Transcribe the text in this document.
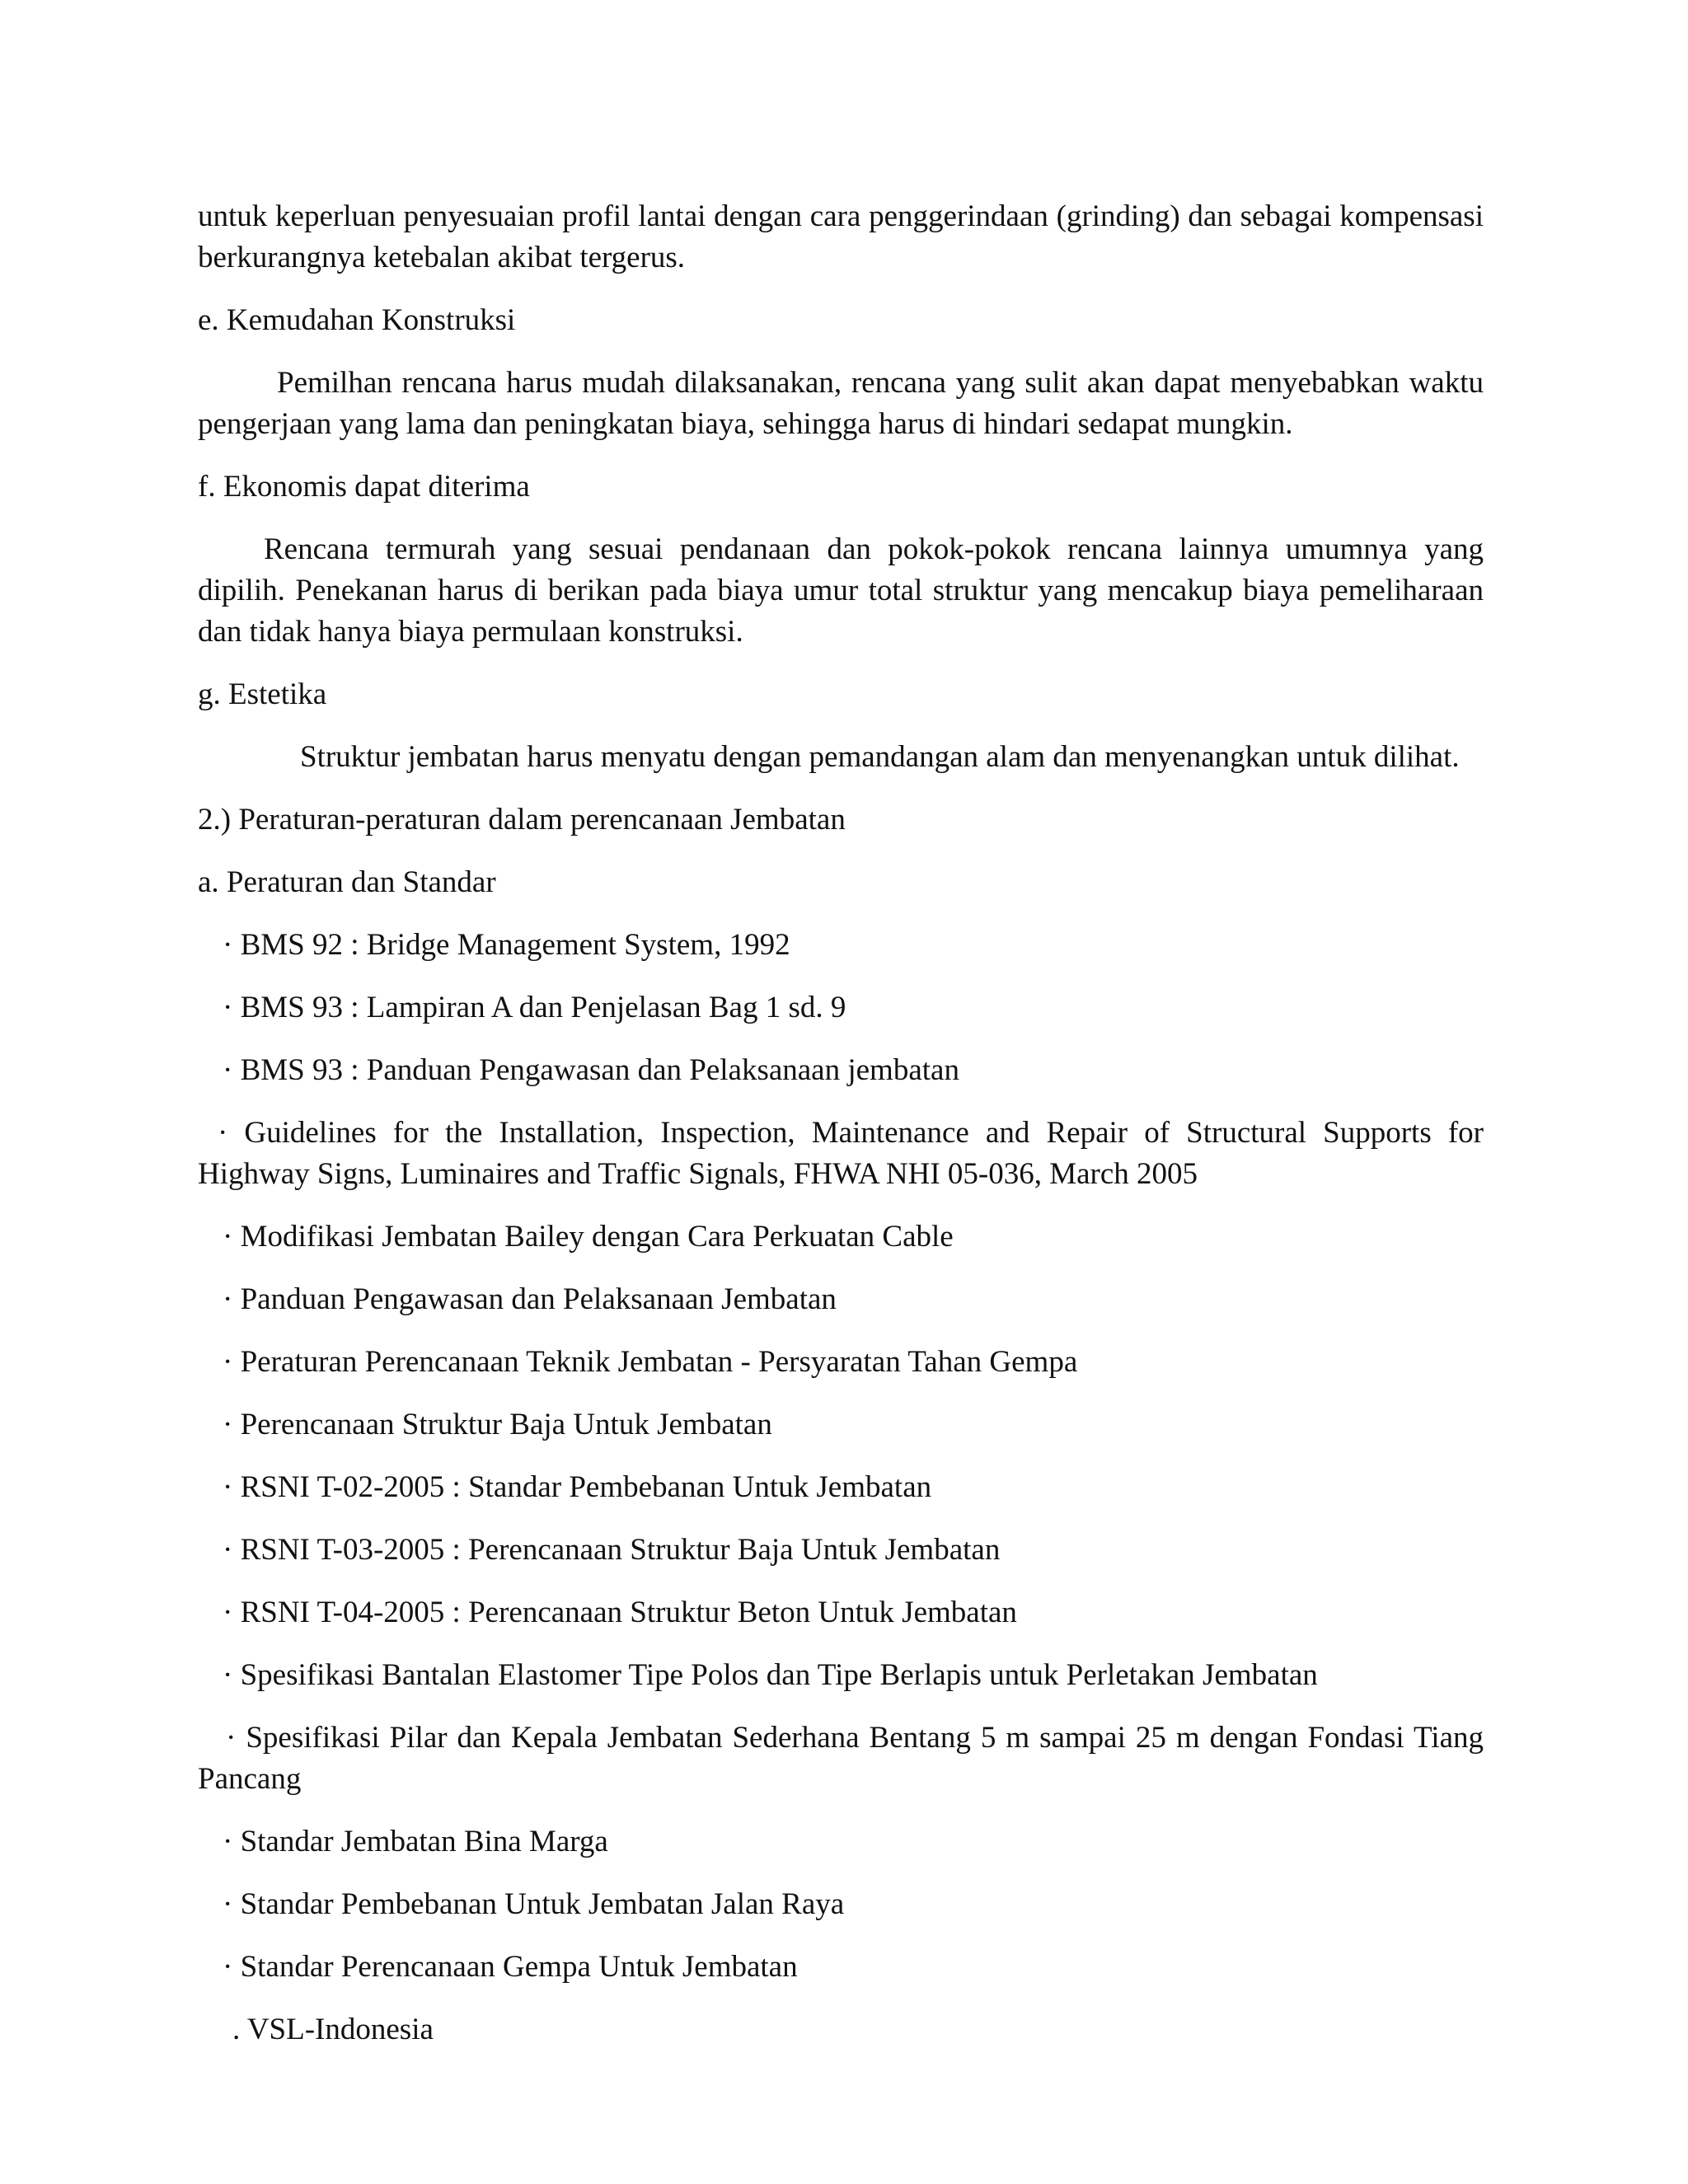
untuk keperluan penyesuaian profil lantai dengan cara penggerindaan (grinding) dan sebagai kompensasi berkurangnya ketebalan akibat tergerus.

e. Kemudahan Konstruksi

Pemilhan rencana harus mudah dilaksanakan, rencana yang sulit akan dapat menyebabkan waktu pengerjaan yang lama dan peningkatan biaya, sehingga harus di hindari sedapat mungkin.

f. Ekonomis dapat diterima

Rencana termurah yang sesuai pendanaan dan pokok-pokok rencana lainnya umumnya yang dipilih. Penekanan harus di berikan pada biaya umur total struktur yang mencakup biaya pemeliharaan dan tidak hanya biaya permulaan konstruksi.

g. Estetika

Struktur jembatan harus menyatu dengan pemandangan alam dan menyenangkan untuk dilihat.

2.) Peraturan-peraturan dalam perencanaan Jembatan

a. Peraturan dan Standar

· BMS 92 : Bridge Management System, 1992

· BMS 93 : Lampiran A dan Penjelasan Bag 1 sd. 9

· BMS 93 : Panduan Pengawasan dan Pelaksanaan jembatan

· Guidelines for the Installation, Inspection, Maintenance and Repair of Structural Supports for Highway Signs, Luminaires and Traffic Signals, FHWA NHI 05-036, March 2005

· Modifikasi Jembatan Bailey dengan Cara Perkuatan Cable

· Panduan Pengawasan dan Pelaksanaan Jembatan

· Peraturan Perencanaan Teknik Jembatan - Persyaratan Tahan Gempa

· Perencanaan Struktur Baja Untuk Jembatan

· RSNI T-02-2005 : Standar Pembebanan Untuk Jembatan

· RSNI T-03-2005 : Perencanaan Struktur Baja Untuk Jembatan

· RSNI T-04-2005 : Perencanaan Struktur Beton Untuk Jembatan

· Spesifikasi Bantalan Elastomer Tipe Polos dan Tipe Berlapis untuk Perletakan Jembatan

· Spesifikasi Pilar dan Kepala Jembatan Sederhana Bentang 5 m sampai 25 m dengan Fondasi Tiang Pancang

· Standar Jembatan Bina Marga

· Standar Pembebanan Untuk Jembatan Jalan Raya

· Standar Perencanaan Gempa Untuk Jembatan

. VSL-Indonesia
